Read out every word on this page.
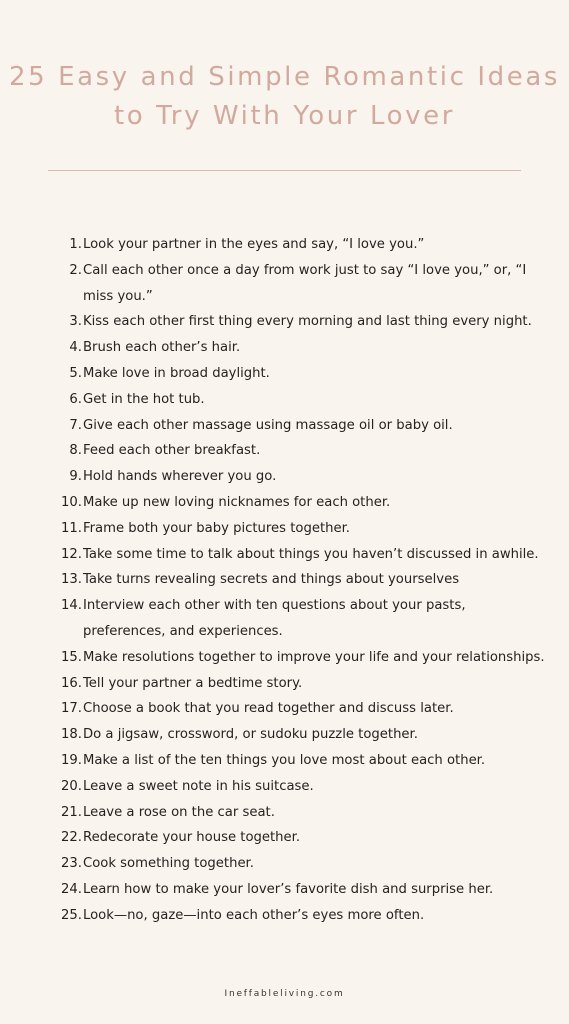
25 Easy and Simple Romantic Ideas to Try With Your Lover
1. Look your partner in the eyes and say, “I love you.”
2. Call each other once a day from work just to say “I love you,” or, “I miss you.”
3. Kiss each other first thing every morning and last thing every night.
4. Brush each other’s hair.
5. Make love in broad daylight.
6. Get in the hot tub.
7. Give each other massage using massage oil or baby oil.
8. Feed each other breakfast.
9. Hold hands wherever you go.
10. Make up new loving nicknames for each other.
11. Frame both your baby pictures together.
12. Take some time to talk about things you haven’t discussed in awhile.
13. Take turns revealing secrets and things about yourselves
14. Interview each other with ten questions about your pasts, preferences, and experiences.
15. Make resolutions together to improve your life and your relationships.
16. Tell your partner a bedtime story.
17. Choose a book that you read together and discuss later.
18. Do a jigsaw, crossword, or sudoku puzzle together.
19. Make a list of the ten things you love most about each other.
20. Leave a sweet note in his suitcase.
21. Leave a rose on the car seat.
22. Redecorate your house together.
23. Cook something together.
24. Learn how to make your lover’s favorite dish and surprise her.
25. Look—no, gaze—into each other’s eyes more often.
Ineffableliving.com
